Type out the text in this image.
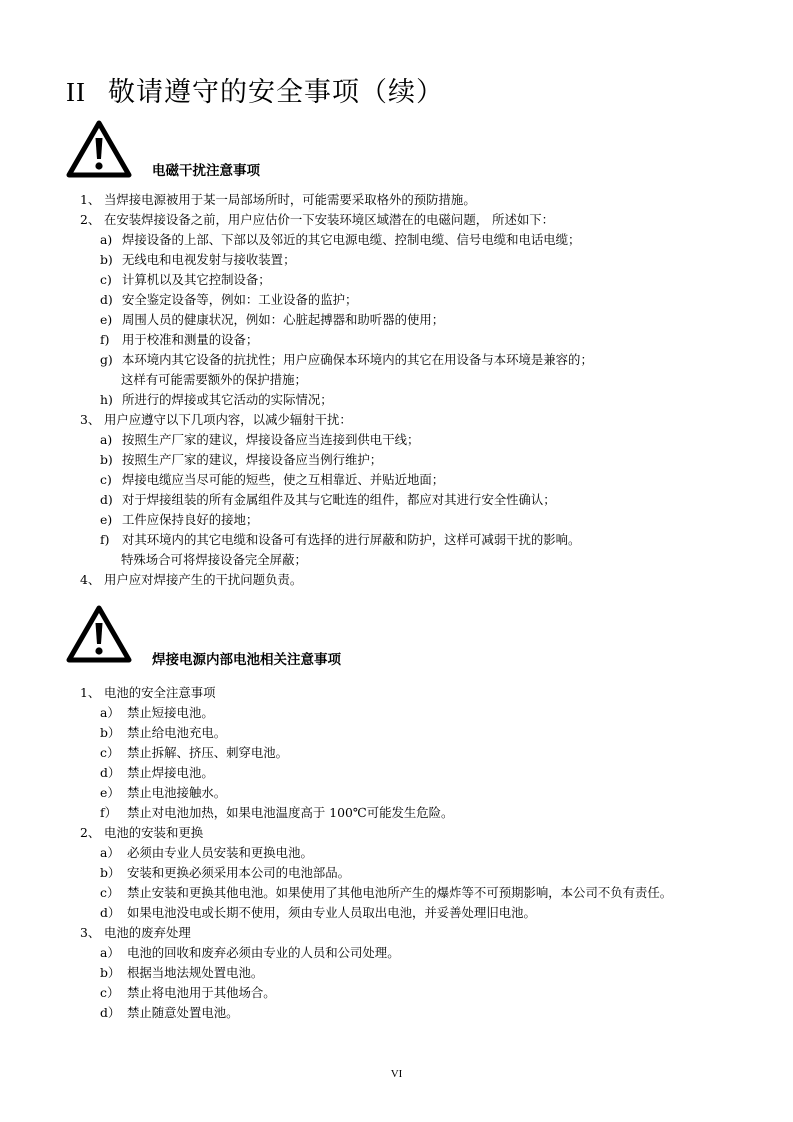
II 敬请遵守的安全事项（续）
电磁干扰注意事项
1、 当焊接电源被用于某一局部场所时，可能需要采取格外的预防措施。
2、 在安装焊接设备之前，用户应估价一下安装环境区域潜在的电磁问题， 所述如下：
a) 焊接设备的上部、下部以及邻近的其它电源电缆、控制电缆、信号电缆和电话电缆；
b) 无线电和电视发射与接收装置；
c) 计算机以及其它控制设备；
d) 安全鉴定设备等，例如：工业设备的监护；
e) 周围人员的健康状况，例如：心脏起搏器和助听器的使用；
f) 用于校准和测量的设备；
g) 本环境内其它设备的抗扰性；用户应确保本环境内的其它在用设备与本环境是兼容的；
这样有可能需要额外的保护措施；
h) 所进行的焊接或其它活动的实际情况；
3、 用户应遵守以下几项内容，以减少辐射干扰：
a) 按照生产厂家的建议，焊接设备应当连接到供电干线；
b) 按照生产厂家的建议，焊接设备应当例行维护；
c) 焊接电缆应当尽可能的短些，使之互相靠近、并贴近地面；
d) 对于焊接组装的所有金属组件及其与它毗连的组件，都应对其进行安全性确认；
e) 工件应保持良好的接地；
f) 对其环境内的其它电缆和设备可有选择的进行屏蔽和防护，这样可减弱干扰的影响。
特殊场合可将焊接设备完全屏蔽；
4、 用户应对焊接产生的干扰问题负责。
焊接电源内部电池相关注意事项
1、 电池的安全注意事项
a） 禁止短接电池。
b） 禁止给电池充电。
c） 禁止拆解、挤压、刺穿电池。
d） 禁止焊接电池。
e） 禁止电池接触水。
f） 禁止对电池加热，如果电池温度高于 100℃可能发生危险。
2、 电池的安装和更换
a） 必须由专业人员安装和更换电池。
b） 安装和更换必须采用本公司的电池部品。
c） 禁止安装和更换其他电池。如果使用了其他电池所产生的爆炸等不可预期影响，本公司不负有责任。
d） 如果电池没电或长期不使用，须由专业人员取出电池，并妥善处理旧电池。
3、 电池的废弃处理
a） 电池的回收和废弃必须由专业的人员和公司处理。
b） 根据当地法规处置电池。
c） 禁止将电池用于其他场合。
d） 禁止随意处置电池。
VI
